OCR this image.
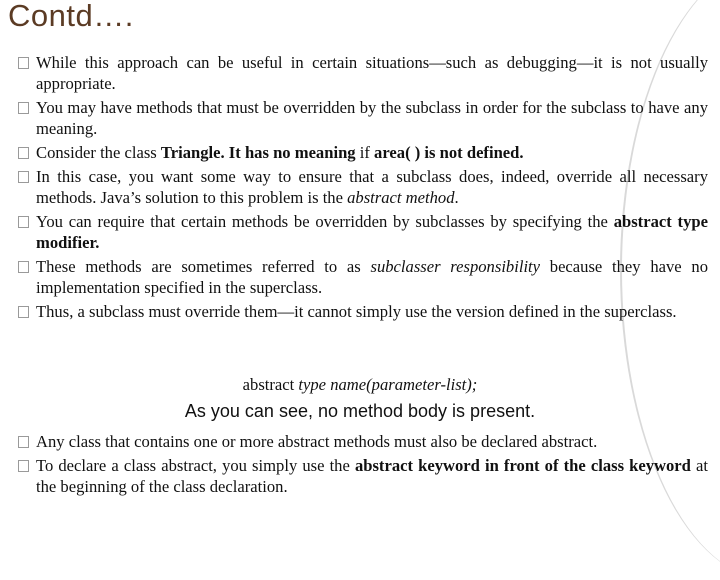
Contd….
While this approach can be useful in certain situations—such as debugging—it is not usually appropriate.
You may have methods that must be overridden by the subclass in order for the subclass to have any meaning.
Consider the class Triangle. It has no meaning if area( ) is not defined.
In this case, you want some way to ensure that a subclass does, indeed, override all necessary methods. Java’s solution to this problem is the abstract method.
You can require that certain methods be overridden by subclasses by specifying the abstract type modifier.
These methods are sometimes referred to as subclasser responsibility because they have no implementation specified in the superclass.
Thus, a subclass must override them—it cannot simply use the version defined in the superclass.
abstract type name(parameter-list);
As you can see, no method body is present.
Any class that contains one or more abstract methods must also be declared abstract.
To declare a class abstract, you simply use the abstract keyword in front of the class keyword at the beginning of the class declaration.
